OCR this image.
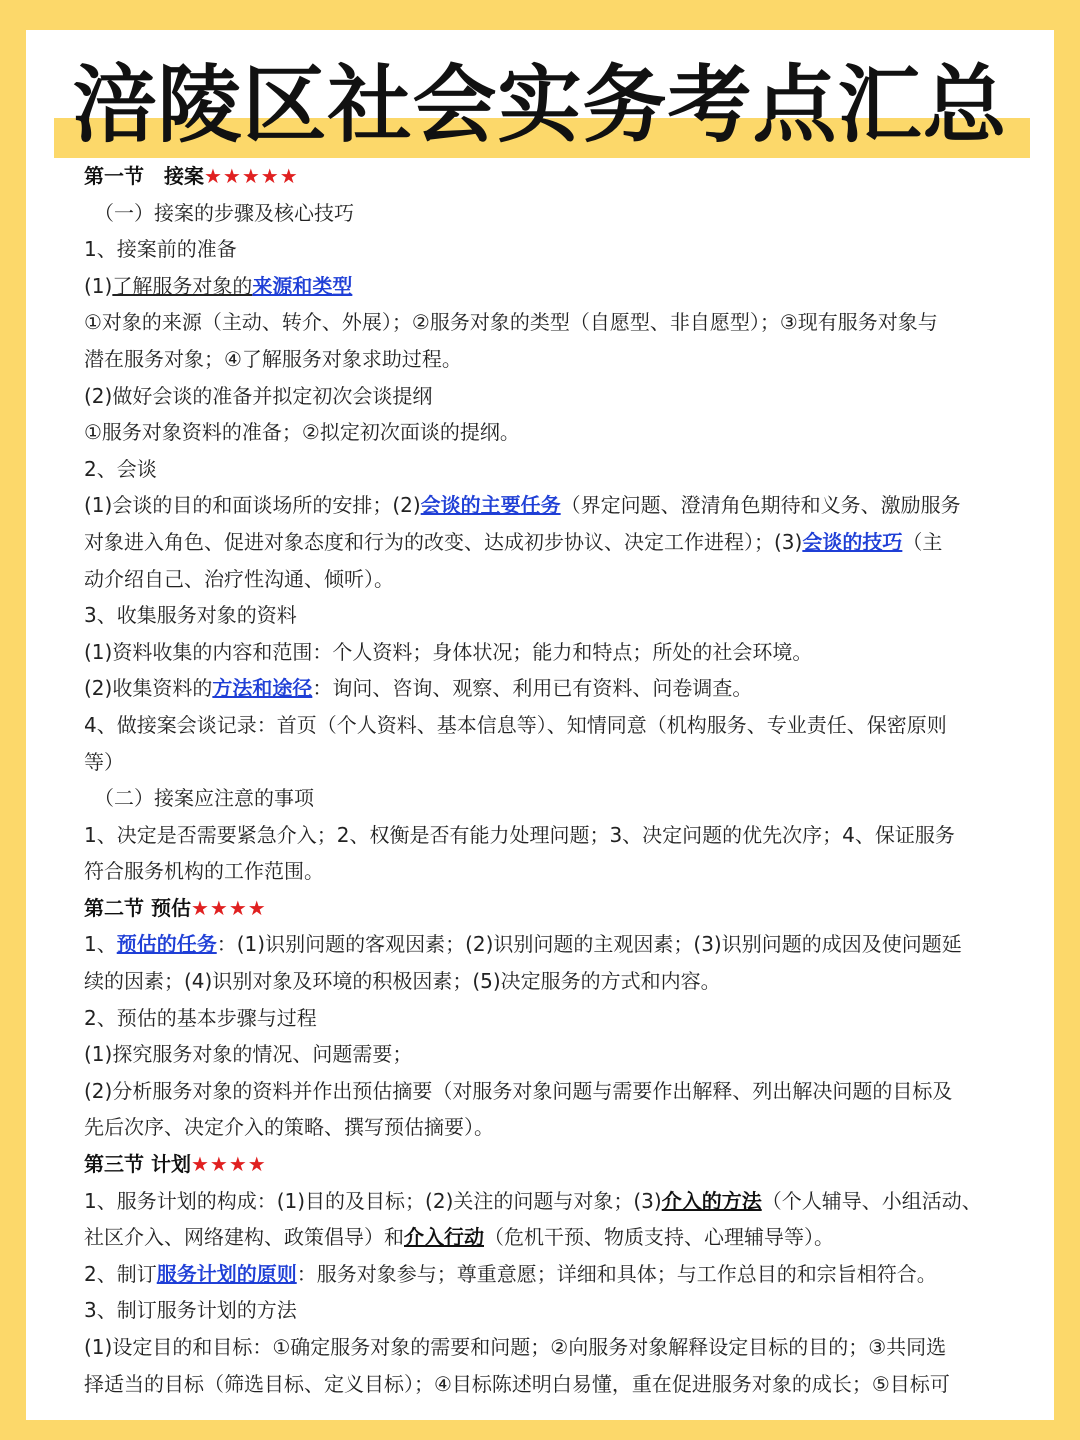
涪陵区社会实务考点汇总
第一节　接案★★★★★
（一）接案的步骤及核心技巧
1、接案前的准备
(1)了解服务对象的来源和类型
①对象的来源（主动、转介、外展）；②服务对象的类型（自愿型、非自愿型）；③现有服务对象与
潜在服务对象；④了解服务对象求助过程。
(2)做好会谈的准备并拟定初次会谈提纲
①服务对象资料的准备；②拟定初次面谈的提纲。
2、会谈
(1)会谈的目的和面谈场所的安排；(2)会谈的主要任务（界定问题、澄清角色期待和义务、激励服务
对象进入角色、促进对象态度和行为的改变、达成初步协议、决定工作进程）；(3)会谈的技巧（主
动介绍自己、治疗性沟通、倾听）。
3、收集服务对象的资料
(1)资料收集的内容和范围：个人资料；身体状况；能力和特点；所处的社会环境。
(2)收集资料的方法和途径：询问、咨询、观察、利用已有资料、问卷调查。
4、做接案会谈记录：首页（个人资料、基本信息等）、知情同意（机构服务、专业责任、保密原则
等）
（二）接案应注意的事项
1、决定是否需要紧急介入；2、权衡是否有能力处理问题；3、决定问题的优先次序；4、保证服务
符合服务机构的工作范围。
第二节 预估★★★★
1、预估的任务：(1)识别问题的客观因素；(2)识别问题的主观因素；(3)识别问题的成因及使问题延
续的因素；(4)识别对象及环境的积极因素；(5)决定服务的方式和内容。
2、预估的基本步骤与过程
(1)探究服务对象的情况、问题需要；
(2)分析服务对象的资料并作出预估摘要（对服务对象问题与需要作出解释、列出解决问题的目标及
先后次序、决定介入的策略、撰写预估摘要）。
第三节 计划★★★★
1、服务计划的构成：(1)目的及目标；(2)关注的问题与对象；(3)介入的方法（个人辅导、小组活动、
社区介入、网络建构、政策倡导）和介入行动（危机干预、物质支持、心理辅导等）。
2、制订服务计划的原则：服务对象参与；尊重意愿；详细和具体；与工作总目的和宗旨相符合。
3、制订服务计划的方法
(1)设定目的和目标：①确定服务对象的需要和问题；②向服务对象解释设定目标的目的；③共同选
择适当的目标（筛选目标、定义目标）；④目标陈述明白易懂，重在促进服务对象的成长；⑤目标可
